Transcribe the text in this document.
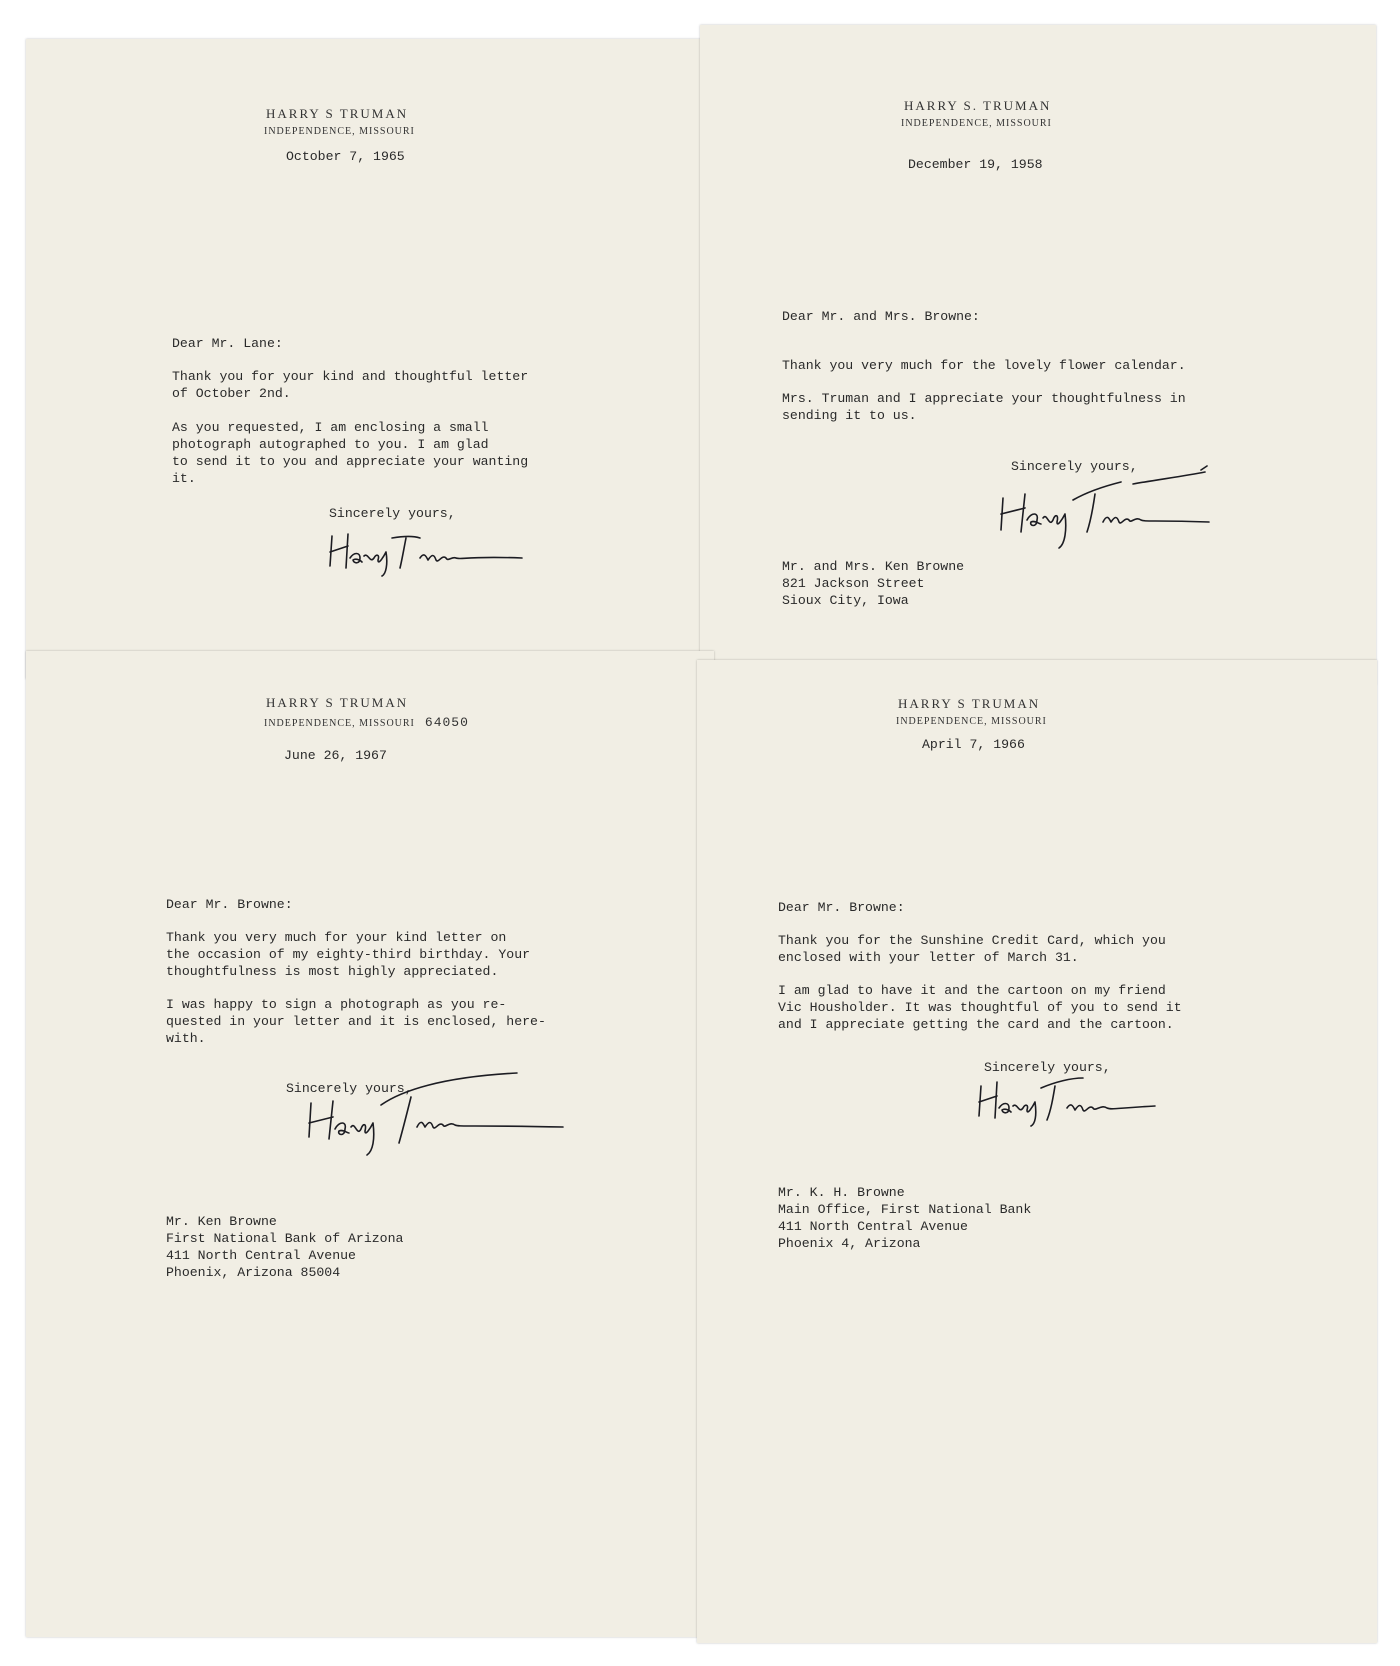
HARRY S TRUMAN
INDEPENDENCE, MISSOURI
October 7, 1965
Dear Mr. Lane:
Thank you for your kind and thoughtful letter
of October 2nd.
As you requested, I am enclosing a small
photograph autographed to you. I am glad
to send it to you and appreciate your wanting
it.
Sincerely yours,
HARRY S. TRUMAN
INDEPENDENCE, MISSOURI
December 19, 1958
Dear Mr. and Mrs. Browne:
Thank you very much for the lovely flower calendar.
Mrs. Truman and I appreciate your thoughtfulness in
sending it to us.
Sincerely yours,
Mr. and Mrs. Ken Browne
821 Jackson Street
Sioux City, Iowa
HARRY S TRUMAN
INDEPENDENCE, MISSOURI 64050
June 26, 1967
Dear Mr. Browne:
Thank you very much for your kind letter on
the occasion of my eighty-third birthday. Your
thoughtfulness is most highly appreciated.
I was happy to sign a photograph as you re-
quested in your letter and it is enclosed, here-
with.
Sincerely yours,
Mr. Ken Browne
First National Bank of Arizona
411 North Central Avenue
Phoenix, Arizona 85004
HARRY S TRUMAN
INDEPENDENCE, MISSOURI
April 7, 1966
Dear Mr. Browne:
Thank you for the Sunshine Credit Card, which you
enclosed with your letter of March 31.
I am glad to have it and the cartoon on my friend
Vic Housholder. It was thoughtful of you to send it
and I appreciate getting the card and the cartoon.
Sincerely yours,
Mr. K. H. Browne
Main Office, First National Bank
411 North Central Avenue
Phoenix 4, Arizona
